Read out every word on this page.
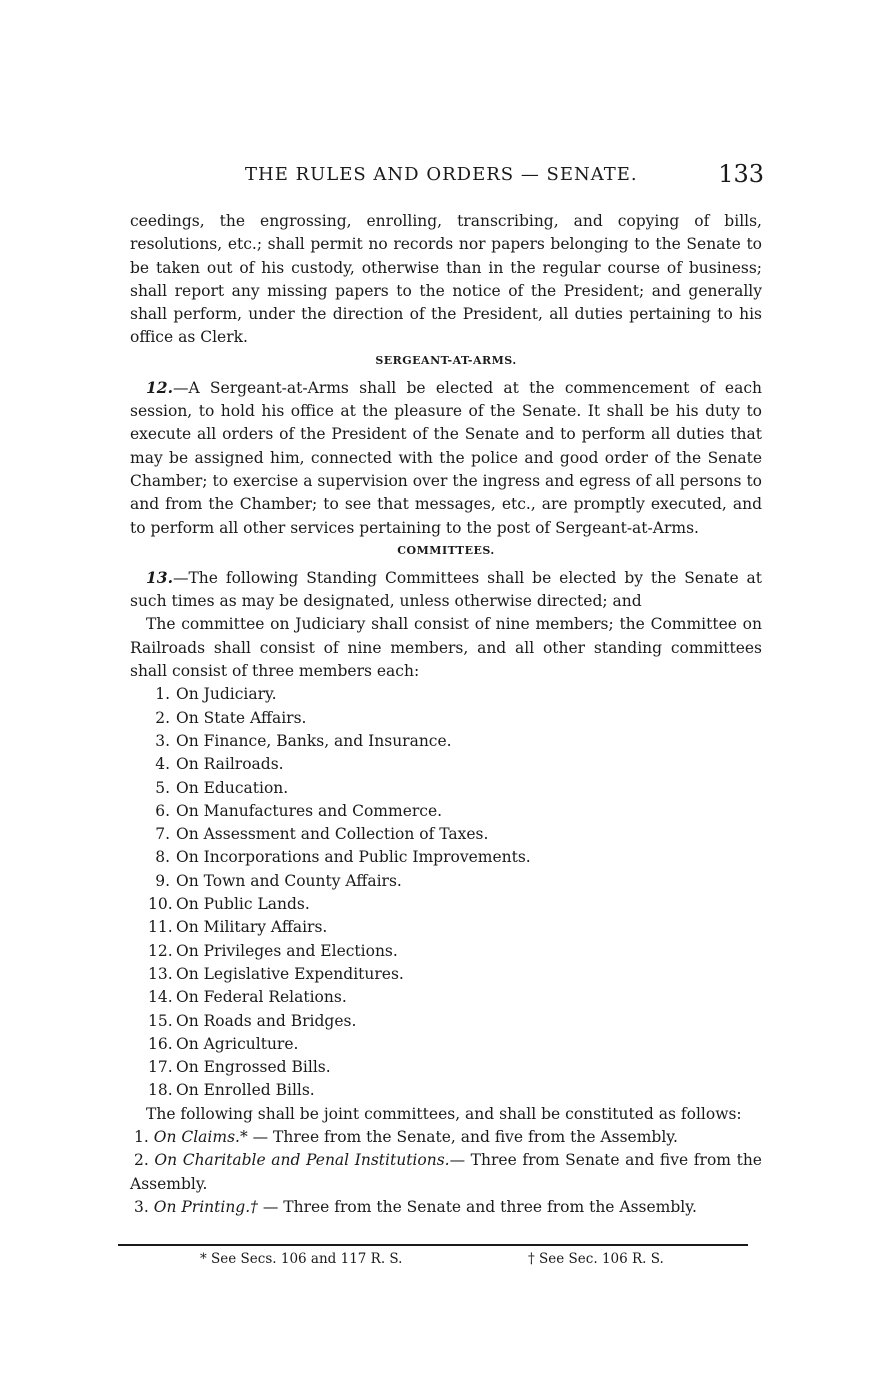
THE RULES AND ORDERS — SENATE.	133

ceedings, the engrossing, enrolling, transcribing, and copying of bills, resolutions, etc.; shall permit no records nor papers belonging to the Senate to be taken out of his custody, otherwise than in the regular course of business; shall report any missing papers to the notice of the President; and generally shall perform, under the direction of the President, all duties pertaining to his office as Clerk.

SERGEANT-AT-ARMS.

12.—A Sergeant-at-Arms shall be elected at the commencement of each session, to hold his office at the pleasure of the Senate. It shall be his duty to execute all orders of the President of the Senate and to perform all duties that may be assigned him, connected with the police and good order of the Senate Chamber; to exercise a supervision over the ingress and egress of all persons to and from the Chamber; to see that messages, etc., are promptly executed, and to perform all other services pertaining to the post of Sergeant-at-Arms.

COMMITTEES.

13.—The following Standing Committees shall be elected by the Senate at such times as may be designated, unless otherwise directed; and

The committee on Judiciary shall consist of nine members; the Committee on Railroads shall consist of nine members, and all other standing committees shall consist of three members each:

1. On Judiciary.
2. On State Affairs.
3. On Finance, Banks, and Insurance.
4. On Railroads.
5. On Education.
6. On Manufactures and Commerce.
7. On Assessment and Collection of Taxes.
8. On Incorporations and Public Improvements.
9. On Town and County Affairs.
10. On Public Lands.
11. On Military Affairs.
12. On Privileges and Elections.
13. On Legislative Expenditures.
14. On Federal Relations.
15. On Roads and Bridges.
16. On Agriculture.
17. On Engrossed Bills.
18. On Enrolled Bills.

The following shall be joint committees, and shall be constituted as follows:

1. On Claims.* — Three from the Senate, and five from the Assembly.

2. On Charitable and Penal Institutions.— Three from Senate and five from the Assembly.

3. On Printing.† — Three from the Senate and three from the Assembly.

* See Secs. 106 and 117 R. S.	† See Sec. 106 R. S.
